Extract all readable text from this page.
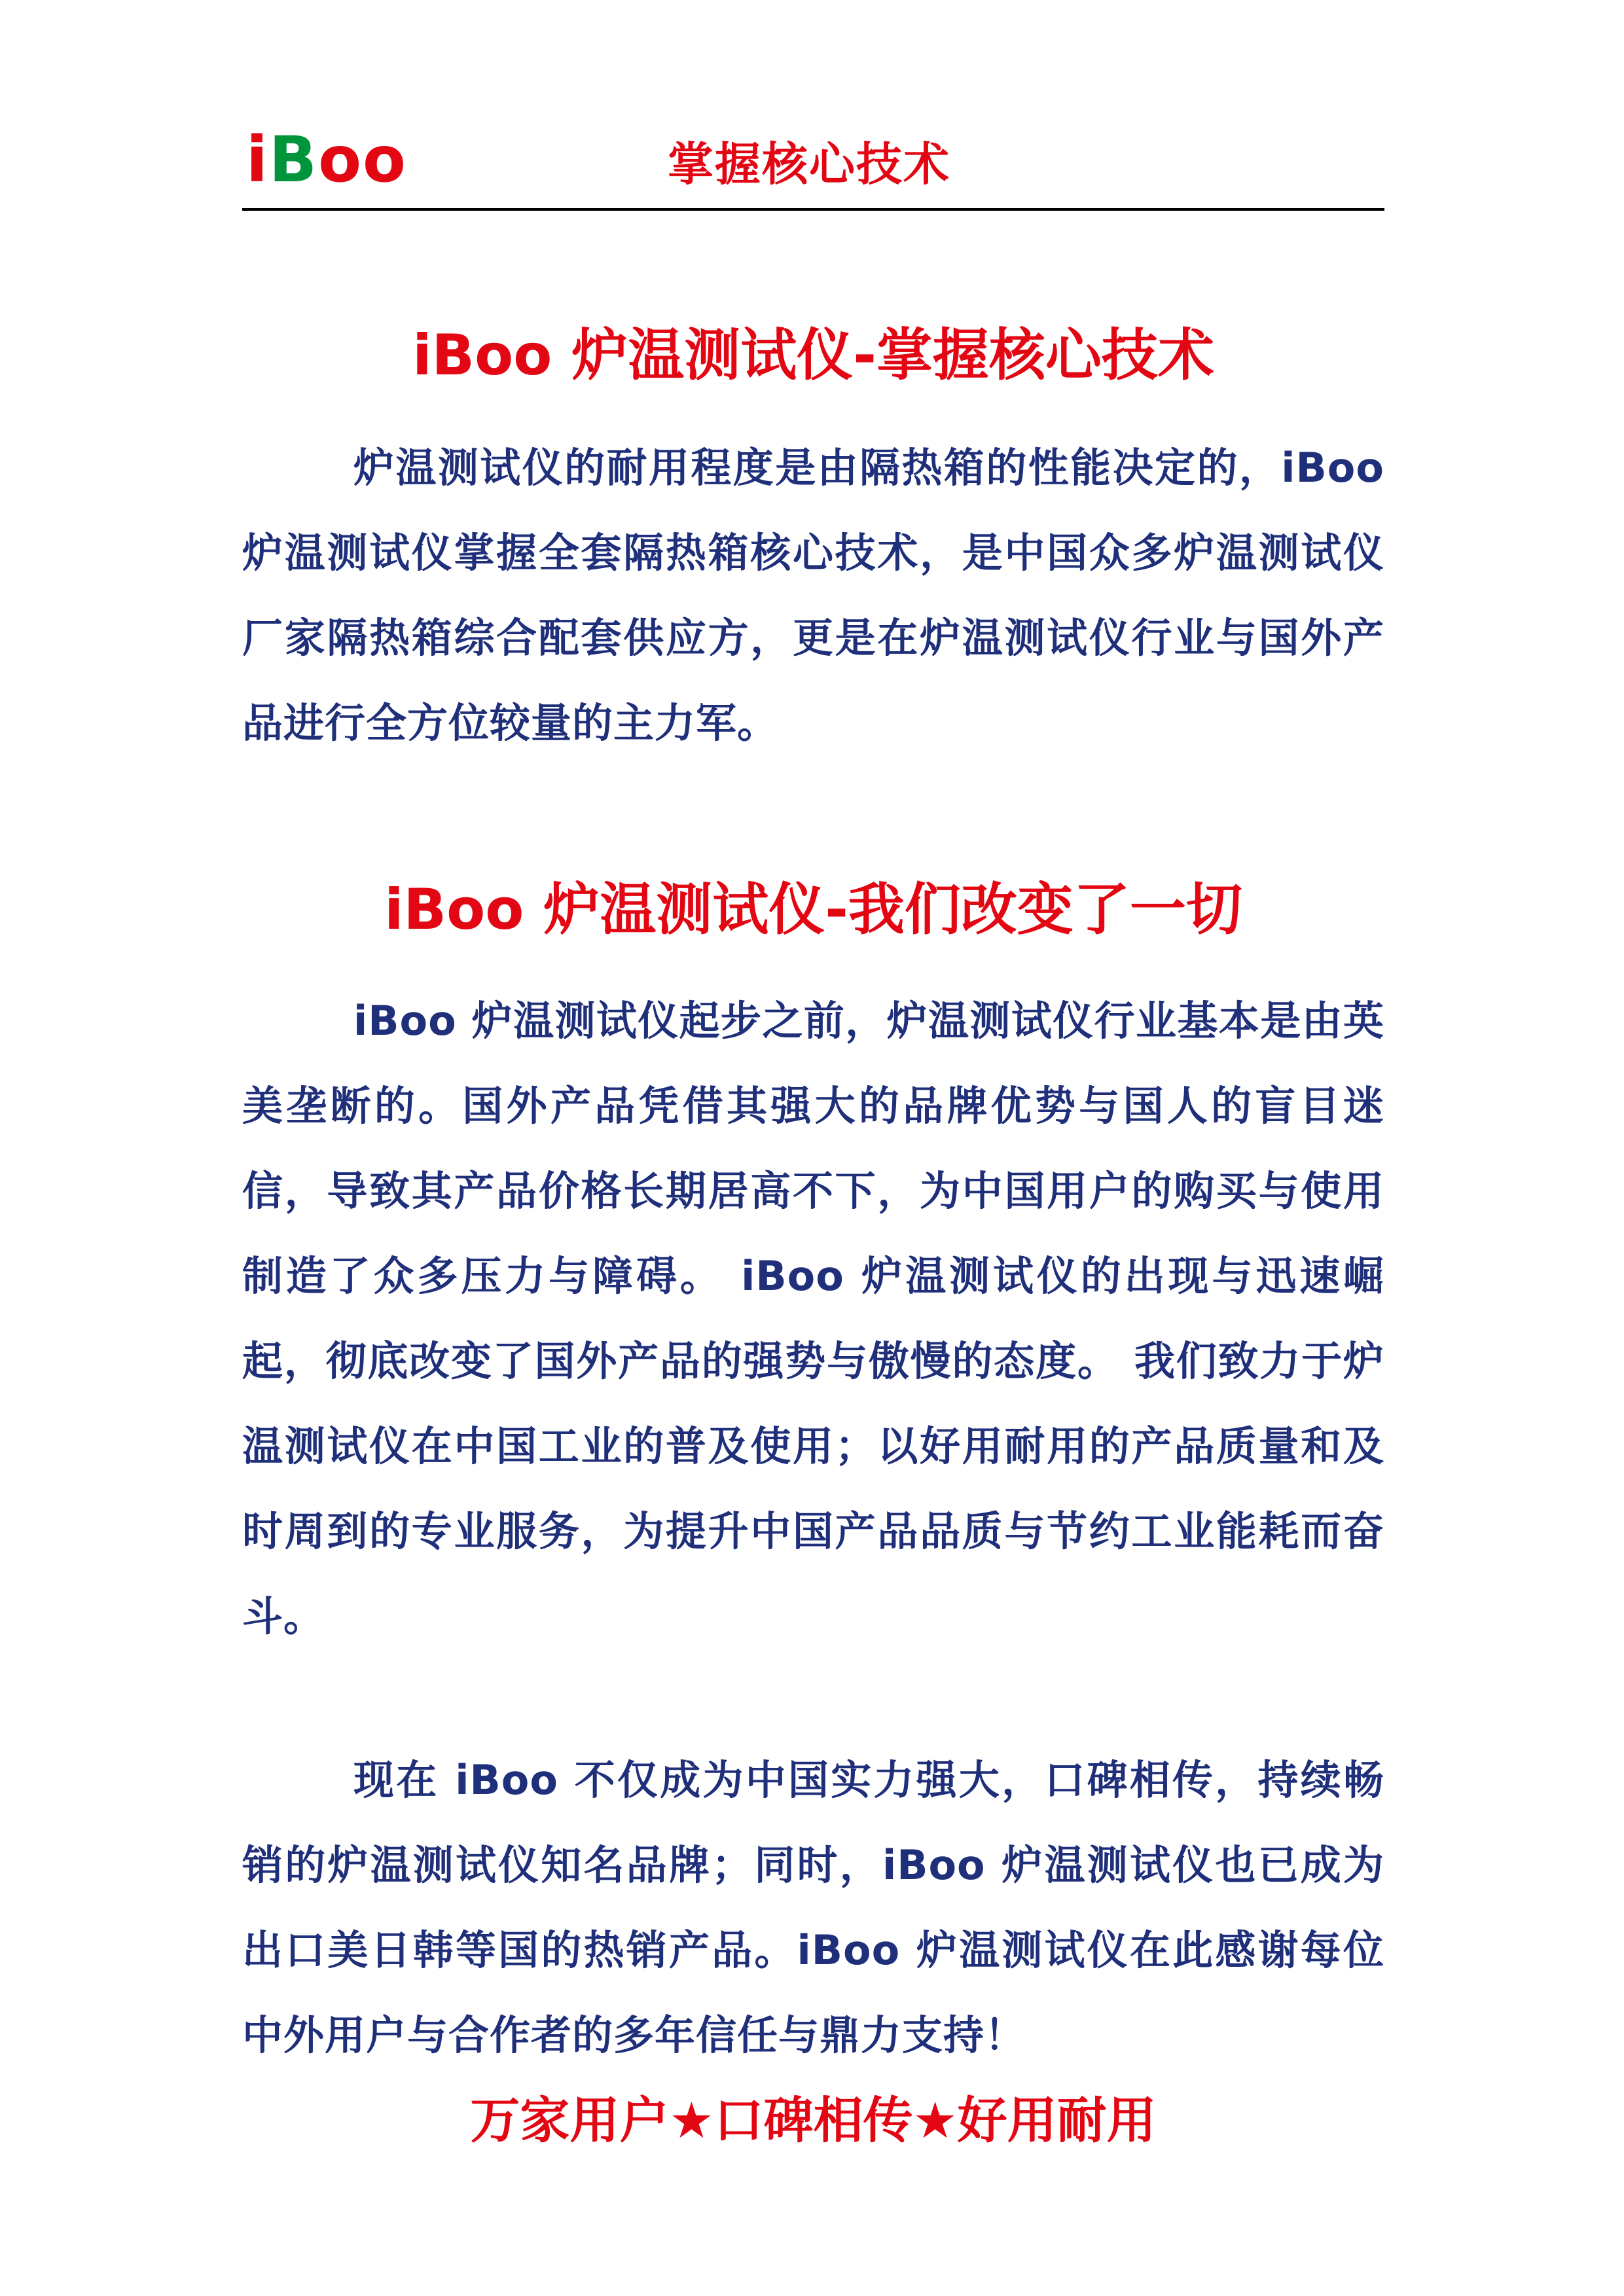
iBoo	掌握核心技术
iBoo 炉温测试仪-掌握核心技术
炉温测试仪的耐用程度是由隔热箱的性能决定的，iBoo 炉温测试仪掌握全套隔热箱核心技术，是中国众多炉温测试仪厂家隔热箱综合配套供应方，更是在炉温测试仪行业与国外产品进行全方位较量的主力军。
iBoo 炉温测试仪-我们改变了一切
iBoo 炉温测试仪起步之前，炉温测试仪行业基本是由英美垄断的。国外产品凭借其强大的品牌优势与国人的盲目迷信，导致其产品价格长期居高不下，为中国用户的购买与使用制造了众多压力与障碍。 iBoo 炉温测试仪的出现与迅速崛起，彻底改变了国外产品的强势与傲慢的态度。 我们致力于炉温测试仪在中国工业的普及使用；以好用耐用的产品质量和及时周到的专业服务，为提升中国产品品质与节约工业能耗而奋斗。
现在 iBoo 不仅成为中国实力强大，口碑相传，持续畅销的炉温测试仪知名品牌；同时，iBoo 炉温测试仪也已成为出口美日韩等国的热销产品。iBoo 炉温测试仪在此感谢每位中外用户与合作者的多年信任与鼎力支持！
万家用户★口碑相传★好用耐用
